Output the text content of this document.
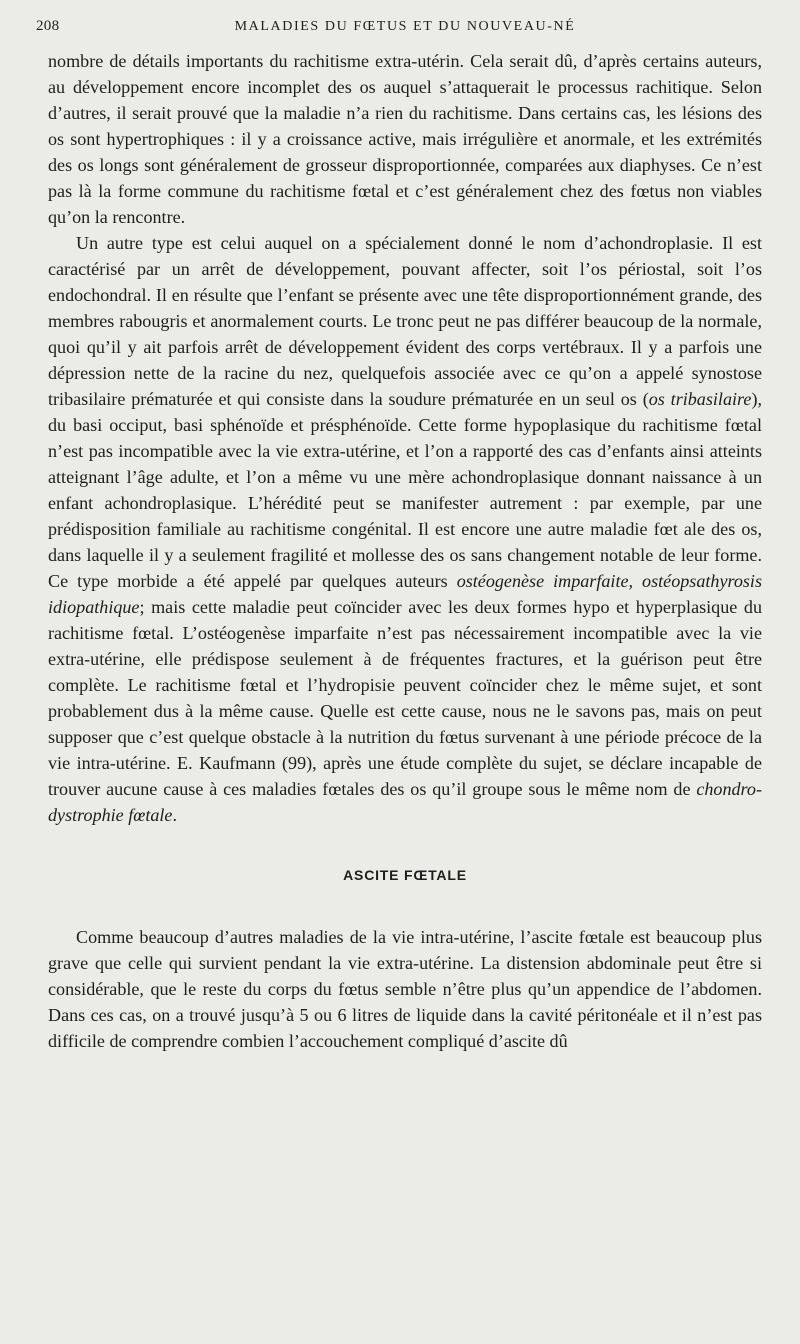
208	MALADIES DU FŒTUS ET DU NOUVEAU-NÉ

nombre de détails importants du rachitisme extra-utérin. Cela serait dû, d’après certains auteurs, au développement encore incomplet des os auquel s’attaquerait le processus rachitique. Selon d’autres, il serait prouvé que la maladie n’a rien du rachitisme. Dans certains cas, les lésions des os sont hypertrophiques : il y a croissance active, mais irrégulière et anormale, et les extrémités des os longs sont généralement de grosseur disproportionnée, comparées aux diaphyses. Ce n’est pas là la forme commune du rachitisme fœtal et c’est généralement chez des fœtus non viables qu’on la rencontre.

Un autre type est celui auquel on a spécialement donné le nom d’achondroplasie. Il est caractérisé par un arrêt de développement, pouvant affecter, soit l’os périostal, soit l’os endochondral. Il en résulte que l’enfant se présente avec une tête disproportionnément grande, des membres rabougris et anormalement courts. Le tronc peut ne pas différer beaucoup de la normale, quoi qu’il y ait parfois arrêt de développement évident des corps vertébraux. Il y a parfois une dépression nette de la racine du nez, quelquefois associée avec ce qu’on a appelé synostose tribasilaire prématurée et qui consiste dans la soudure prématurée en un seul os (os tribasilaire), du basi occiput, basi sphénoïde et présphénoïde. Cette forme hypoplasique du rachitisme fœtal n’est pas incompatible avec la vie extra-utérine, et l’on a rapporté des cas d’enfants ainsi atteints atteignant l’âge adulte, et l’on a même vu une mère achondroplasique donnant naissance à un enfant achondroplasique. L’hérédité peut se manifester autrement : par exemple, par une prédisposition familiale au rachitisme congénital. Il est encore une autre maladie fœt ale des os, dans laquelle il y a seulement fragilité et mollesse des os sans changement notable de leur forme. Ce type morbide a été appelé par quelques auteurs ostéogenèse imparfaite, ostéopsathyrosis idiopathique; mais cette maladie peut coïncider avec les deux formes hypo et hyperplasique du rachitisme fœtal. L’ostéogenèse imparfaite n’est pas nécessairement incompatible avec la vie extra-utérine, elle prédispose seulement à de fréquentes fractures, et la guérison peut être complète. Le rachitisme fœtal et l’hydropisie peuvent coïncider chez le même sujet, et sont probablement dus à la même cause. Quelle est cette cause, nous ne le savons pas, mais on peut supposer que c’est quelque obstacle à la nutrition du fœtus survenant à une période précoce de la vie intra-utérine. E. Kaufmann (99), après une étude complète du sujet, se déclare incapable de trouver aucune cause à ces maladies fœtales des os qu’il groupe sous le même nom de chondro-dystrophie fœtale.

ASCITE FŒTALE

Comme beaucoup d’autres maladies de la vie intra-utérine, l’ascite fœtale est beaucoup plus grave que celle qui survient pendant la vie extra-utérine. La distension abdominale peut être si considérable, que le reste du corps du fœtus semble n’être plus qu’un appendice de l’abdomen. Dans ces cas, on a trouvé jusqu’à 5 ou 6 litres de liquide dans la cavité péritonéale et il n’est pas difficile de comprendre combien l’accouchement compliqué d’ascite dû
